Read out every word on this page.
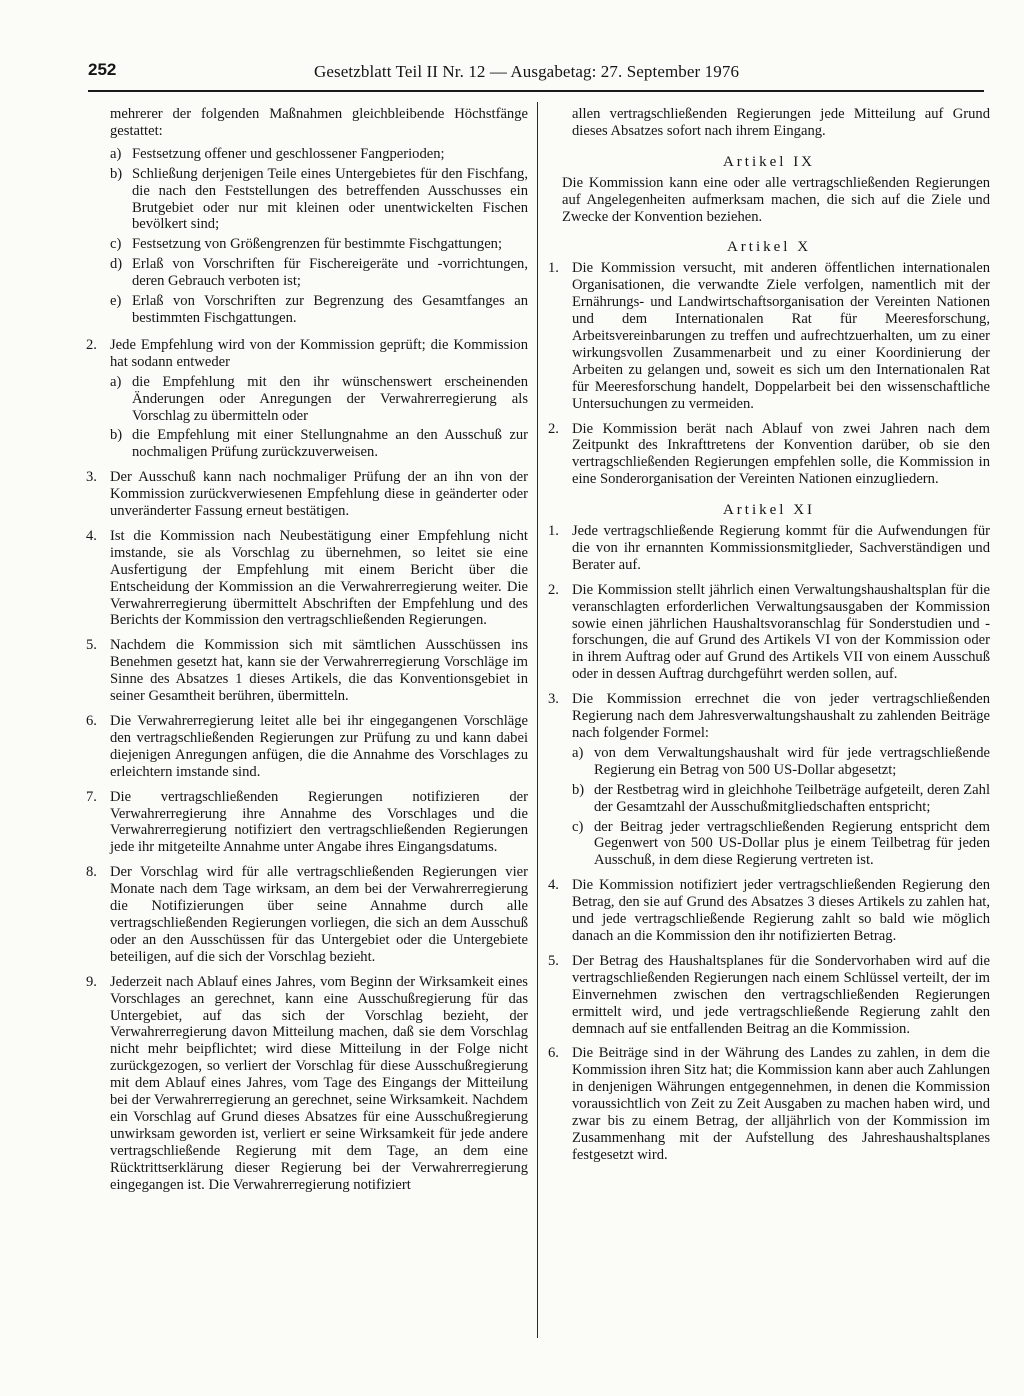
252	Gesetzblatt Teil II Nr. 12 — Ausgabetag: 27. September 1976

mehrerer der folgenden Maßnahmen gleichbleibende Höchstfänge gestattet:

a) Festsetzung offener und geschlossener Fangperioden;
b) Schließung derjenigen Teile eines Untergebietes für den Fischfang, die nach den Feststellungen des betreffenden Ausschusses ein Brutgebiet oder nur mit kleinen oder unentwickelten Fischen bevölkert sind;
c) Festsetzung von Größengrenzen für bestimmte Fischgattungen;
d) Erlaß von Vorschriften für Fischereigeräte und -vorrichtungen, deren Gebrauch verboten ist;
e) Erlaß von Vorschriften zur Begrenzung des Gesamtfanges an bestimmten Fischgattungen.
2. Jede Empfehlung wird von der Kommission geprüft; die Kommission hat sodann entweder
a) die Empfehlung mit den ihr wünschenswert erscheinenden Änderungen oder Anregungen der Verwahrerregierung als Vorschlag zu übermitteln oder
b) die Empfehlung mit einer Stellungnahme an den Ausschuß zur nochmaligen Prüfung zurückzuverweisen.
3. Der Ausschuß kann nach nochmaliger Prüfung der an ihn von der Kommission zurückverwiesenen Empfehlung diese in geänderter oder unveränderter Fassung erneut bestätigen.
4. Ist die Kommission nach Neubestätigung einer Empfehlung nicht imstande, sie als Vorschlag zu übernehmen, so leitet sie eine Ausfertigung der Empfehlung mit einem Bericht über die Entscheidung der Kommission an die Verwahrerregierung weiter. Die Verwahrerregierung übermittelt Abschriften der Empfehlung und des Berichts der Kommission den vertragschließenden Regierungen.
5. Nachdem die Kommission sich mit sämtlichen Ausschüssen ins Benehmen gesetzt hat, kann sie der Verwahrerregierung Vorschläge im Sinne des Absatzes 1 dieses Artikels, die das Konventionsgebiet in seiner Gesamtheit berühren, übermitteln.
6. Die Verwahrerregierung leitet alle bei ihr eingegangenen Vorschläge den vertragschließenden Regierungen zur Prüfung zu und kann dabei diejenigen Anregungen anfügen, die die Annahme des Vorschlages zu erleichtern imstande sind.
7. Die vertragschließenden Regierungen notifizieren der Verwahrerregierung ihre Annahme des Vorschlages und die Verwahrerregierung notifiziert den vertragschließenden Regierungen jede ihr mitgeteilte Annahme unter Angabe ihres Eingangsdatums.
8. Der Vorschlag wird für alle vertragschließenden Regierungen vier Monate nach dem Tage wirksam, an dem bei der Verwahrerregierung die Notifizierungen über seine Annahme durch alle vertragschließenden Regierungen vorliegen, die sich an dem Ausschuß oder an den Ausschüssen für das Untergebiet oder die Untergebiete beteiligen, auf die sich der Vorschlag bezieht.
9. Jederzeit nach Ablauf eines Jahres, vom Beginn der Wirksamkeit eines Vorschlages an gerechnet, kann eine Ausschußregierung für das Untergebiet, auf das sich der Vorschlag bezieht, der Verwahrerregierung davon Mitteilung machen, daß sie dem Vorschlag nicht mehr beipflichtet; wird diese Mitteilung in der Folge nicht zurückgezogen, so verliert der Vorschlag für diese Ausschußregierung mit dem Ablauf eines Jahres, vom Tage des Eingangs der Mitteilung bei der Verwahrerregierung an gerechnet, seine Wirksamkeit. Nachdem ein Vorschlag auf Grund dieses Absatzes für eine Ausschußregierung unwirksam geworden ist, verliert er seine Wirksamkeit für jede andere vertragschließende Regierung mit dem Tage, an dem eine Rücktrittserklärung dieser Regierung bei der Verwahrerregierung eingegangen ist. Die Verwahrerregierung notifiziert

allen vertragschließenden Regierungen jede Mitteilung auf Grund dieses Absatzes sofort nach ihrem Eingang.

Artikel IX

Die Kommission kann eine oder alle vertragschließenden Regierungen auf Angelegenheiten aufmerksam machen, die sich auf die Ziele und Zwecke der Konvention beziehen.

Artikel X
1. Die Kommission versucht, mit anderen öffentlichen internationalen Organisationen, die verwandte Ziele verfolgen, namentlich mit der Ernährungs- und Landwirtschaftsorganisation der Vereinten Nationen und dem Internationalen Rat für Meeresforschung, Arbeitsvereinbarungen zu treffen und aufrechtzuerhalten, um zu einer wirkungsvollen Zusammenarbeit und zu einer Koordinierung der Arbeiten zu gelangen und, soweit es sich um den Internationalen Rat für Meeresforschung handelt, Doppelarbeit bei den wissenschaftliche Untersuchungen zu vermeiden.
2. Die Kommission berät nach Ablauf von zwei Jahren nach dem Zeitpunkt des Inkrafttretens der Konvention darüber, ob sie den vertragschließenden Regierungen empfehlen solle, die Kommission in eine Sonderorganisation der Vereinten Nationen einzugliedern.
Artikel XI
1. Jede vertragschließende Regierung kommt für die Aufwendungen für die von ihr ernannten Kommissionsmitglieder, Sachverständigen und Berater auf.
2. Die Kommission stellt jährlich einen Verwaltungshaushaltsplan für die veranschlagten erforderlichen Verwaltungsausgaben der Kommission sowie einen jährlichen Haushaltsvoranschlag für Sonderstudien und -forschungen, die auf Grund des Artikels VI von der Kommission oder in ihrem Auftrag oder auf Grund des Artikels VII von einem Ausschuß oder in dessen Auftrag durchgeführt werden sollen, auf.
3. Die Kommission errechnet die von jeder vertragschließenden Regierung nach dem Jahresverwaltungshaushalt zu zahlenden Beiträge nach folgender Formel:
a) von dem Verwaltungshaushalt wird für jede vertragschließende Regierung ein Betrag von 500 US-Dollar abgesetzt;
b) der Restbetrag wird in gleichhohe Teilbeträge aufgeteilt, deren Zahl der Gesamtzahl der Ausschußmitgliedschaften entspricht;
c) der Beitrag jeder vertragschließenden Regierung entspricht dem Gegenwert von 500 US-Dollar plus je einem Teilbetrag für jeden Ausschuß, in dem diese Regierung vertreten ist.
4. Die Kommission notifiziert jeder vertragschließenden Regierung den Betrag, den sie auf Grund des Absatzes 3 dieses Artikels zu zahlen hat, und jede vertragschließende Regierung zahlt so bald wie möglich danach an die Kommission den ihr notifizierten Betrag.
5. Der Betrag des Haushaltsplanes für die Sondervorhaben wird auf die vertragschließenden Regierungen nach einem Schlüssel verteilt, der im Einvernehmen zwischen den vertragschließenden Regierungen ermittelt wird, und jede vertragschließende Regierung zahlt den demnach auf sie entfallenden Beitrag an die Kommission.
6. Die Beiträge sind in der Währung des Landes zu zahlen, in dem die Kommission ihren Sitz hat; die Kommission kann aber auch Zahlungen in denjenigen Währungen entgegennehmen, in denen die Kommission voraussichtlich von Zeit zu Zeit Ausgaben zu machen haben wird, und zwar bis zu einem Betrag, der alljährlich von der Kommission im Zusammenhang mit der Aufstellung des Jahreshaushaltsplanes festgesetzt wird.
